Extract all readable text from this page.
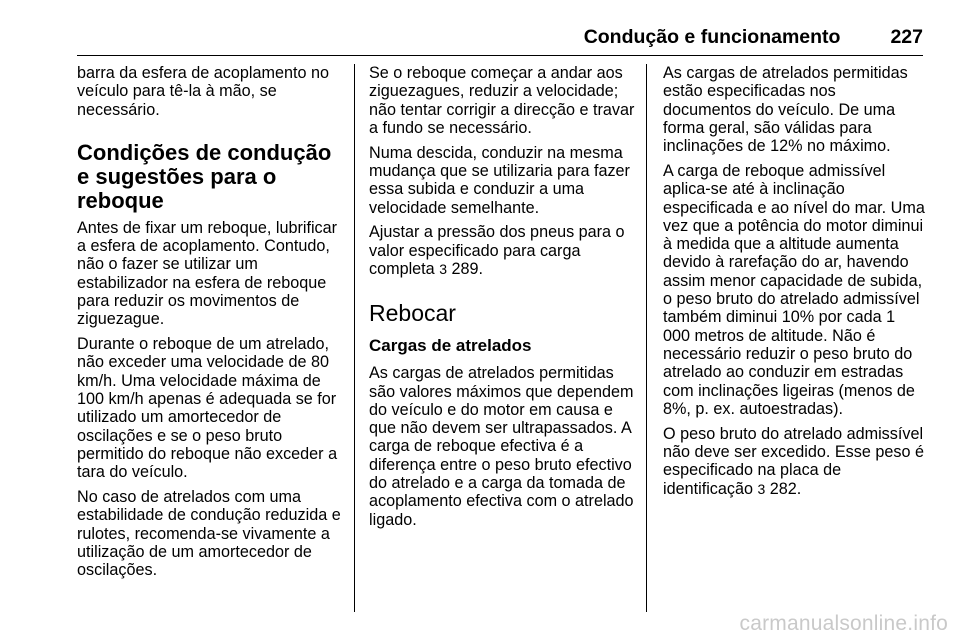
Condução e funcionamento	227

barra da esfera de acoplamento no veículo para tê-la à mão, se necessário.

Condições de condução e sugestões para o reboque

Antes de fixar um reboque, lubrificar a esfera de acoplamento. Contudo, não o fazer se utilizar um estabilizador na esfera de reboque para reduzir os movimentos de ziguezague.

Durante o reboque de um atrelado, não exceder uma velocidade de 80 km/h. Uma velocidade máxima de 100 km/h apenas é adequada se for utilizado um amortecedor de oscilações e se o peso bruto permitido do reboque não exceder a tara do veículo.

No caso de atrelados com uma estabilidade de condução reduzida e rulotes, recomenda-se vivamente a utilização de um amortecedor de oscilações.

Se o reboque começar a andar aos ziguezagues, reduzir a velocidade; não tentar corrigir a direcção e travar a fundo se necessário.

Numa descida, conduzir na mesma mudança que se utilizaria para fazer essa subida e conduzir a uma velocidade semelhante.

Ajustar a pressão dos pneus para o valor especificado para carga completa 3 289.

Rebocar
Cargas de atrelados

As cargas de atrelados permitidas são valores máximos que dependem do veículo e do motor em causa e que não devem ser ultrapassados. A carga de reboque efectiva é a diferença entre o peso bruto efectivo do atrelado e a carga da tomada de acoplamento efectiva com o atrelado ligado.

As cargas de atrelados permitidas estão especificadas nos documentos do veículo. De uma forma geral, são válidas para inclinações de 12% no máximo.

A carga de reboque admissível aplica-se até à inclinação especificada e ao nível do mar. Uma vez que a potência do motor diminui à medida que a altitude aumenta devido à rarefação do ar, havendo assim menor capacidade de subida, o peso bruto do atrelado admissível também diminui 10% por cada 1 000 metros de altitude. Não é necessário reduzir o peso bruto do atrelado ao conduzir em estradas com inclinações ligeiras (menos de 8%, p. ex. autoestradas).

O peso bruto do atrelado admissível não deve ser excedido. Esse peso é especificado na placa de identificação 3 282.

carmanualsonline.info
